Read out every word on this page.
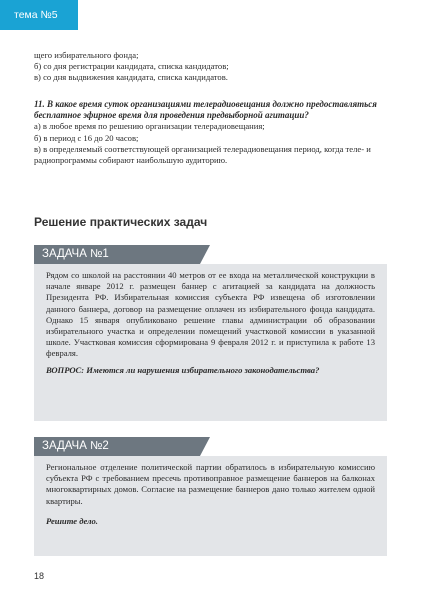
тема №5

щего избирательного фонда;

б) со дня регистрации кандидата, списка кандидатов;

в) со дня выдвижения кандидата, списка кандидатов.

11. В какое время суток организациями телерадиовещания должно предоставляться бесплатное эфирное время для проведения предвыборной агитации?

а) в любое время по решению организации телерадиовещания;

б) в период с 16 до 20 часов;

в) в определяемый соответствующей организацией телерадиовещания период, когда теле- и радиопрограммы собирают наибольшую аудиторию.

Решение практических задач
ЗАДАЧА №1

Рядом со школой на расстоянии 40 метров от ее входа на металлической конструкции в начале январе 2012 г. размещен баннер с агитацией за кандидата на должность Президента РФ. Избирательная комиссия субъекта РФ извещена об изготовлении данного баннера, договор на размещение оплачен из избирательного фонда кандидата. Однако 15 января опубликовано решение главы администрации об образовании избирательного участка и определении помещений участковой комиссии в указанной школе. Участковая комиссия сформирована 9 февраля 2012 г. и приступила к работе 13 февраля.

ВОПРОС: Имеются ли нарушения избирательного законодательства?

ЗАДАЧА №2

Региональное отделение политической партии обратилось в избирательную комиссию субъекта РФ с требованием пресечь противоправное размещение баннеров на балконах многоквартирных домов. Согласие на размещение баннеров дано только жителем одной квартиры.

Решите дело.

18
